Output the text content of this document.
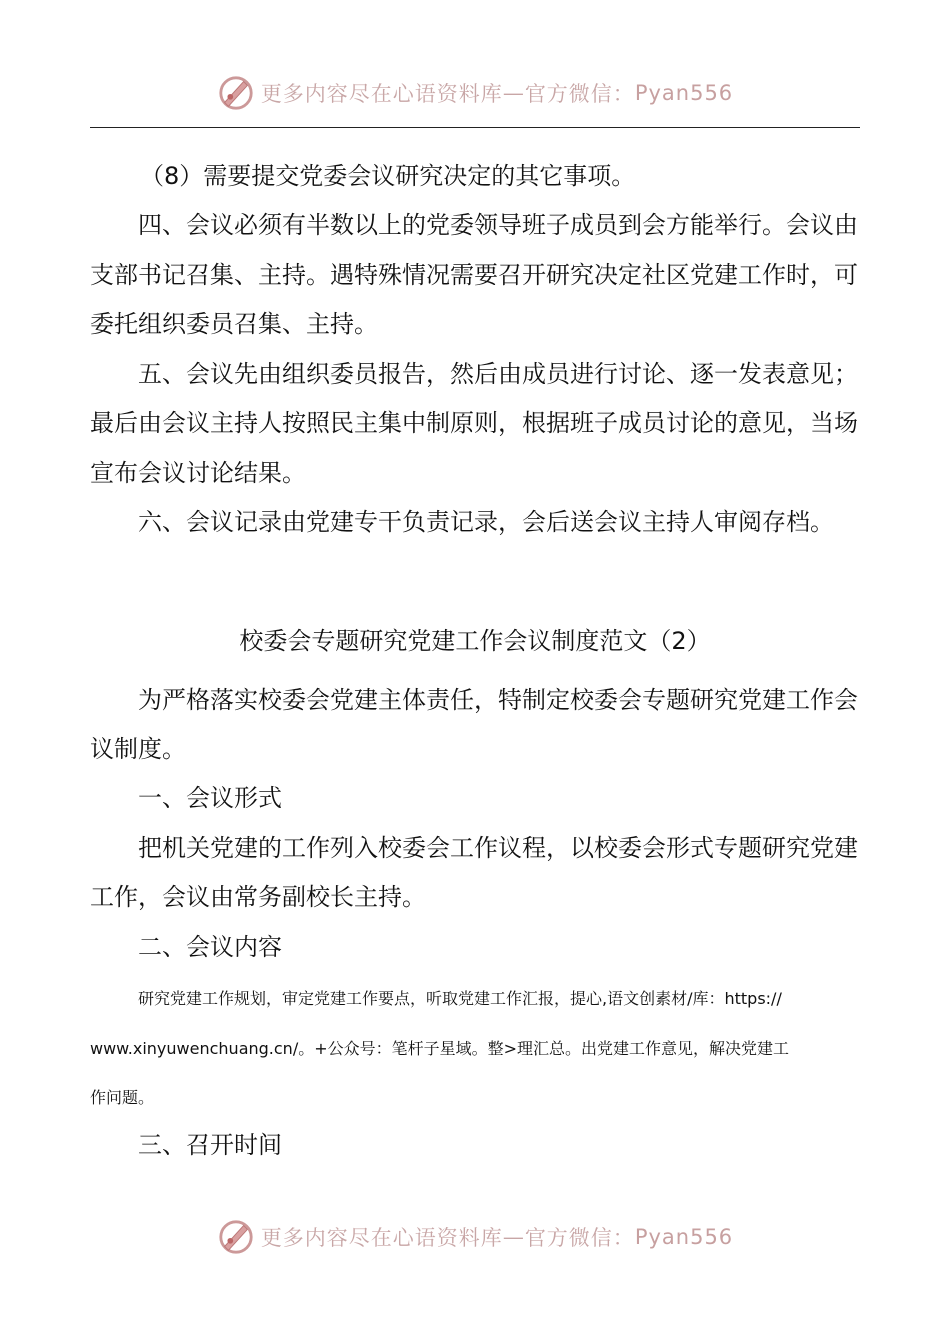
更多内容尽在心语资料库 — 官方微信： Pyan556
（8）需要提交党委会议研究决定的其它事项。
四、会议必须有半数以上的党委领导班子成员到会方能举行。会议由
支部书记召集、主持。遇特殊情况需要召开研究决定社区党建工作时，可
委托组织委员召集、主持。
五、会议先由组织委员报告，然后由成员进行讨论、逐一发表意见；
最后由会议主持人按照民主集中制原则，根据班子成员讨论的意见，当场
宣布会议讨论结果。
六、会议记录由党建专干负责记录，会后送会议主持人审阅存档。
校委会专题研究党建工作会议制度范文（2）
为严格落实校委会党建主体责任，特制定校委会专题研究党建工作会
议制度。
一、会议形式
把机关党建的工作列入校委会工作议程，以校委会形式专题研究党建
工作，会议由常务副校长主持。
二、会议内容
研究党建工作规划，审定党建工作要点，听取党建工作汇报，提心,语文创素材/库：https://
www.xinyuwenchuang.cn/。+公众号：笔杆子星域。整>理汇总。出党建工作意见，解决党建工
作问题。
三、召开时间
更多内容尽在心语资料库 — 官方微信： Pyan556
